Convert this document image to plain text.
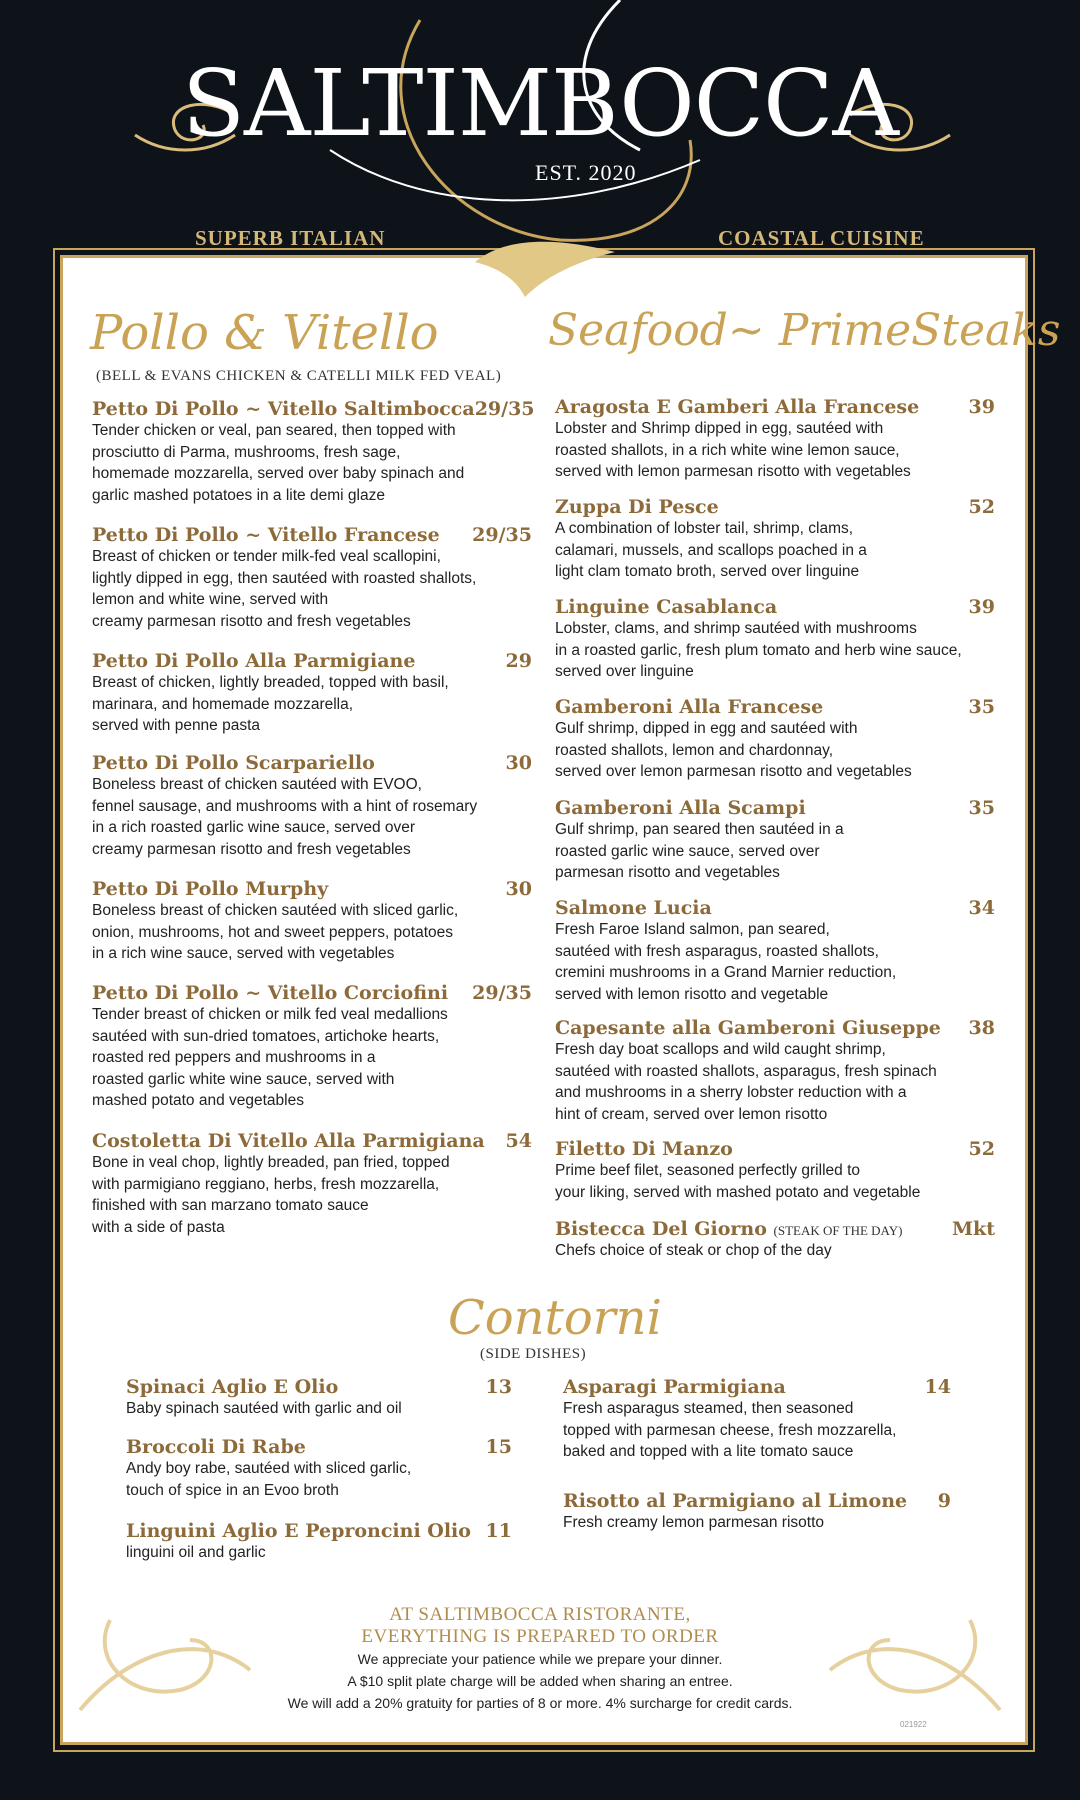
SALTIMBOCCA
EST. 2020
SUPERB ITALIAN	COASTAL CUISINE
Pollo & Vitello
(BELL & EVANS CHICKEN & CATELLI MILK FED VEAL)
Seafood~ PrimeSteaks
Petto Di Pollo ~ Vitello Saltimbocca 29/35
Tender chicken or veal, pan seared, then topped with
prosciutto di Parma, mushrooms, fresh sage,
homemade mozzarella, served over baby spinach and
garlic mashed potatoes in a lite demi glaze
Petto Di Pollo ~ Vitello Francese 29/35
Breast of chicken or tender milk-fed veal scallopini,
lightly dipped in egg, then sautéed with roasted shallots,
lemon and white wine, served with
creamy parmesan risotto and fresh vegetables
Petto Di Pollo Alla Parmigiane	29
Breast of chicken, lightly breaded, topped with basil,
marinara, and homemade mozzarella,
served with penne pasta
Petto Di Pollo Scarpariello	30
Boneless breast of chicken sautéed with EVOO,
fennel sausage, and mushrooms with a hint of rosemary
in a rich roasted garlic wine sauce, served over
creamy parmesan risotto and fresh vegetables
Petto Di Pollo Murphy	30
Boneless breast of chicken sautéed with sliced garlic,
onion, mushrooms, hot and sweet peppers, potatoes
in a rich wine sauce, served with vegetables
Petto Di Pollo ~ Vitello Corciofini 29/35
Tender breast of chicken or milk fed veal medallions
sautéed with sun-dried tomatoes, artichoke hearts,
roasted red peppers and mushrooms in a
roasted garlic white wine sauce, served with
mashed potato and vegetables
Costoletta Di Vitello Alla Parmigiana 54
Bone in veal chop, lightly breaded, pan fried, topped
with parmigiano reggiano, herbs, fresh mozzarella,
finished with san marzano tomato sauce
with a side of pasta
Aragosta E Gamberi Alla Francese	39
Lobster and Shrimp dipped in egg, sautéed with
roasted shallots, in a rich white wine lemon sauce,
served with lemon parmesan risotto with vegetables
Zuppa Di Pesce	52
A combination of lobster tail, shrimp, clams,
calamari, mussels, and scallops poached in a
light clam tomato broth, served over linguine
Linguine Casablanca	39
Lobster, clams, and shrimp sautéed with mushrooms
in a roasted garlic, fresh plum tomato and herb wine sauce,
served over linguine
Gamberoni Alla Francese	35
Gulf shrimp, dipped in egg and sautéed with
roasted shallots, lemon and chardonnay,
served over lemon parmesan risotto and vegetables
Gamberoni Alla Scampi	35
Gulf shrimp, pan seared then sautéed in a
roasted garlic wine sauce, served over
parmesan risotto and vegetables
Salmone Lucia	34
Fresh Faroe Island salmon, pan seared,
sautéed with fresh asparagus, roasted shallots,
cremini mushrooms in a Grand Marnier reduction,
served with lemon risotto and vegetable
Capesante alla Gamberoni Giuseppe 38
Fresh day boat scallops and wild caught shrimp,
sautéed with roasted shallots, asparagus, fresh spinach
and mushrooms in a sherry lobster reduction with a
hint of cream, served over lemon risotto
Filetto Di Manzo	52
Prime beef filet, seasoned perfectly grilled to
your liking, served with mashed potato and vegetable
Bistecca Del Giorno (STEAK OF THE DAY)	Mkt
Chefs choice of steak or chop of the day
Contorni
(SIDE DISHES)
Spinaci Aglio E Olio	13
Baby spinach sautéed with garlic and oil
Broccoli Di Rabe	15
Andy boy rabe, sautéed with sliced garlic,
touch of spice in an Evoo broth
Linguini Aglio E Peproncini Olio 11
linguini oil and garlic
Asparagi Parmigiana	14
Fresh asparagus steamed, then seasoned
topped with parmesan cheese, fresh mozzarella,
baked and topped with a lite tomato sauce
Risotto al Parmigiano al Limone 9
Fresh creamy lemon parmesan risotto
AT SALTIMBOCCA RISTORANTE,
EVERYTHING IS PREPARED TO ORDER
We appreciate your patience while we prepare your dinner.
A $10 split plate charge will be added when sharing an entree.
We will add a 20% gratuity for parties of 8 or more. 4% surcharge for credit cards.
021922
